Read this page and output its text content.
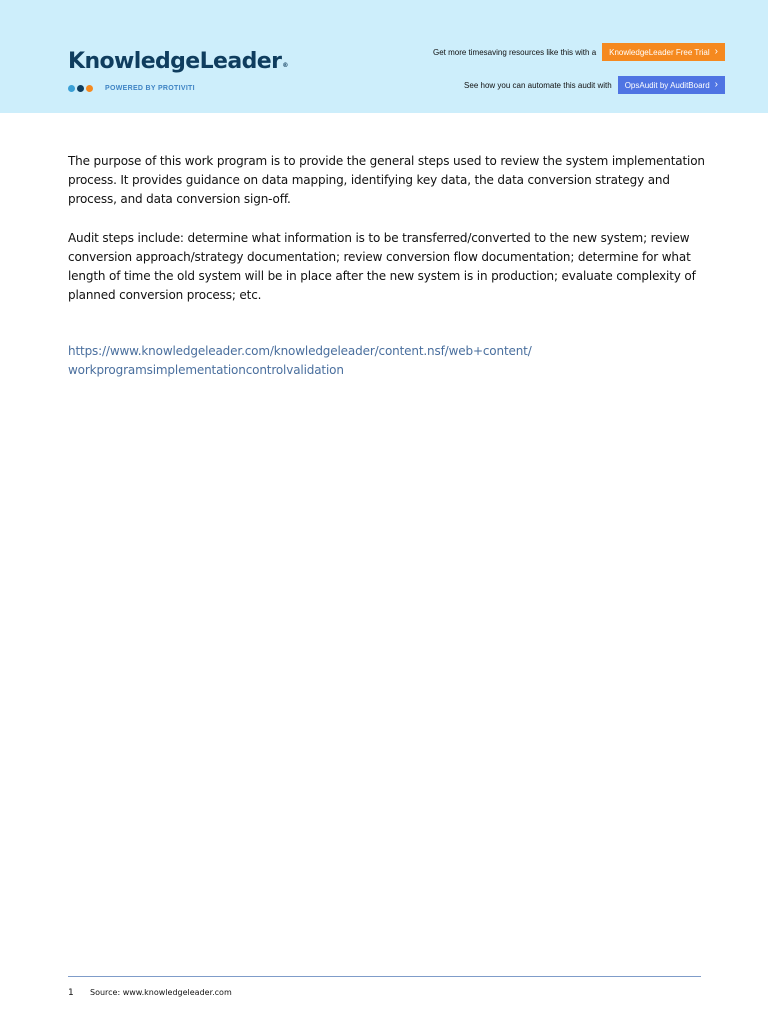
KnowledgeLeader®
POWERED BY PROTIVITI
Get more timesaving resources like this with a KnowledgeLeader Free Trial ›
See how you can automate this audit with OpsAudit by AuditBoard ›

The purpose of this work program is to provide the general steps used to review the system implementation process. It provides guidance on data mapping, identifying key data, the data conversion strategy and process, and data conversion sign-off.

Audit steps include: determine what information is to be transferred/converted to the new system; review conversion approach/strategy documentation; review conversion flow documentation; determine for what length of time the old system will be in place after the new system is in production; evaluate complexity of planned conversion process; etc.

https://www.knowledgeleader.com/knowledgeleader/content.nsf/web+content/
workprogramsimplementationcontrolvalidation
1 Source: www.knowledgeleader.com
